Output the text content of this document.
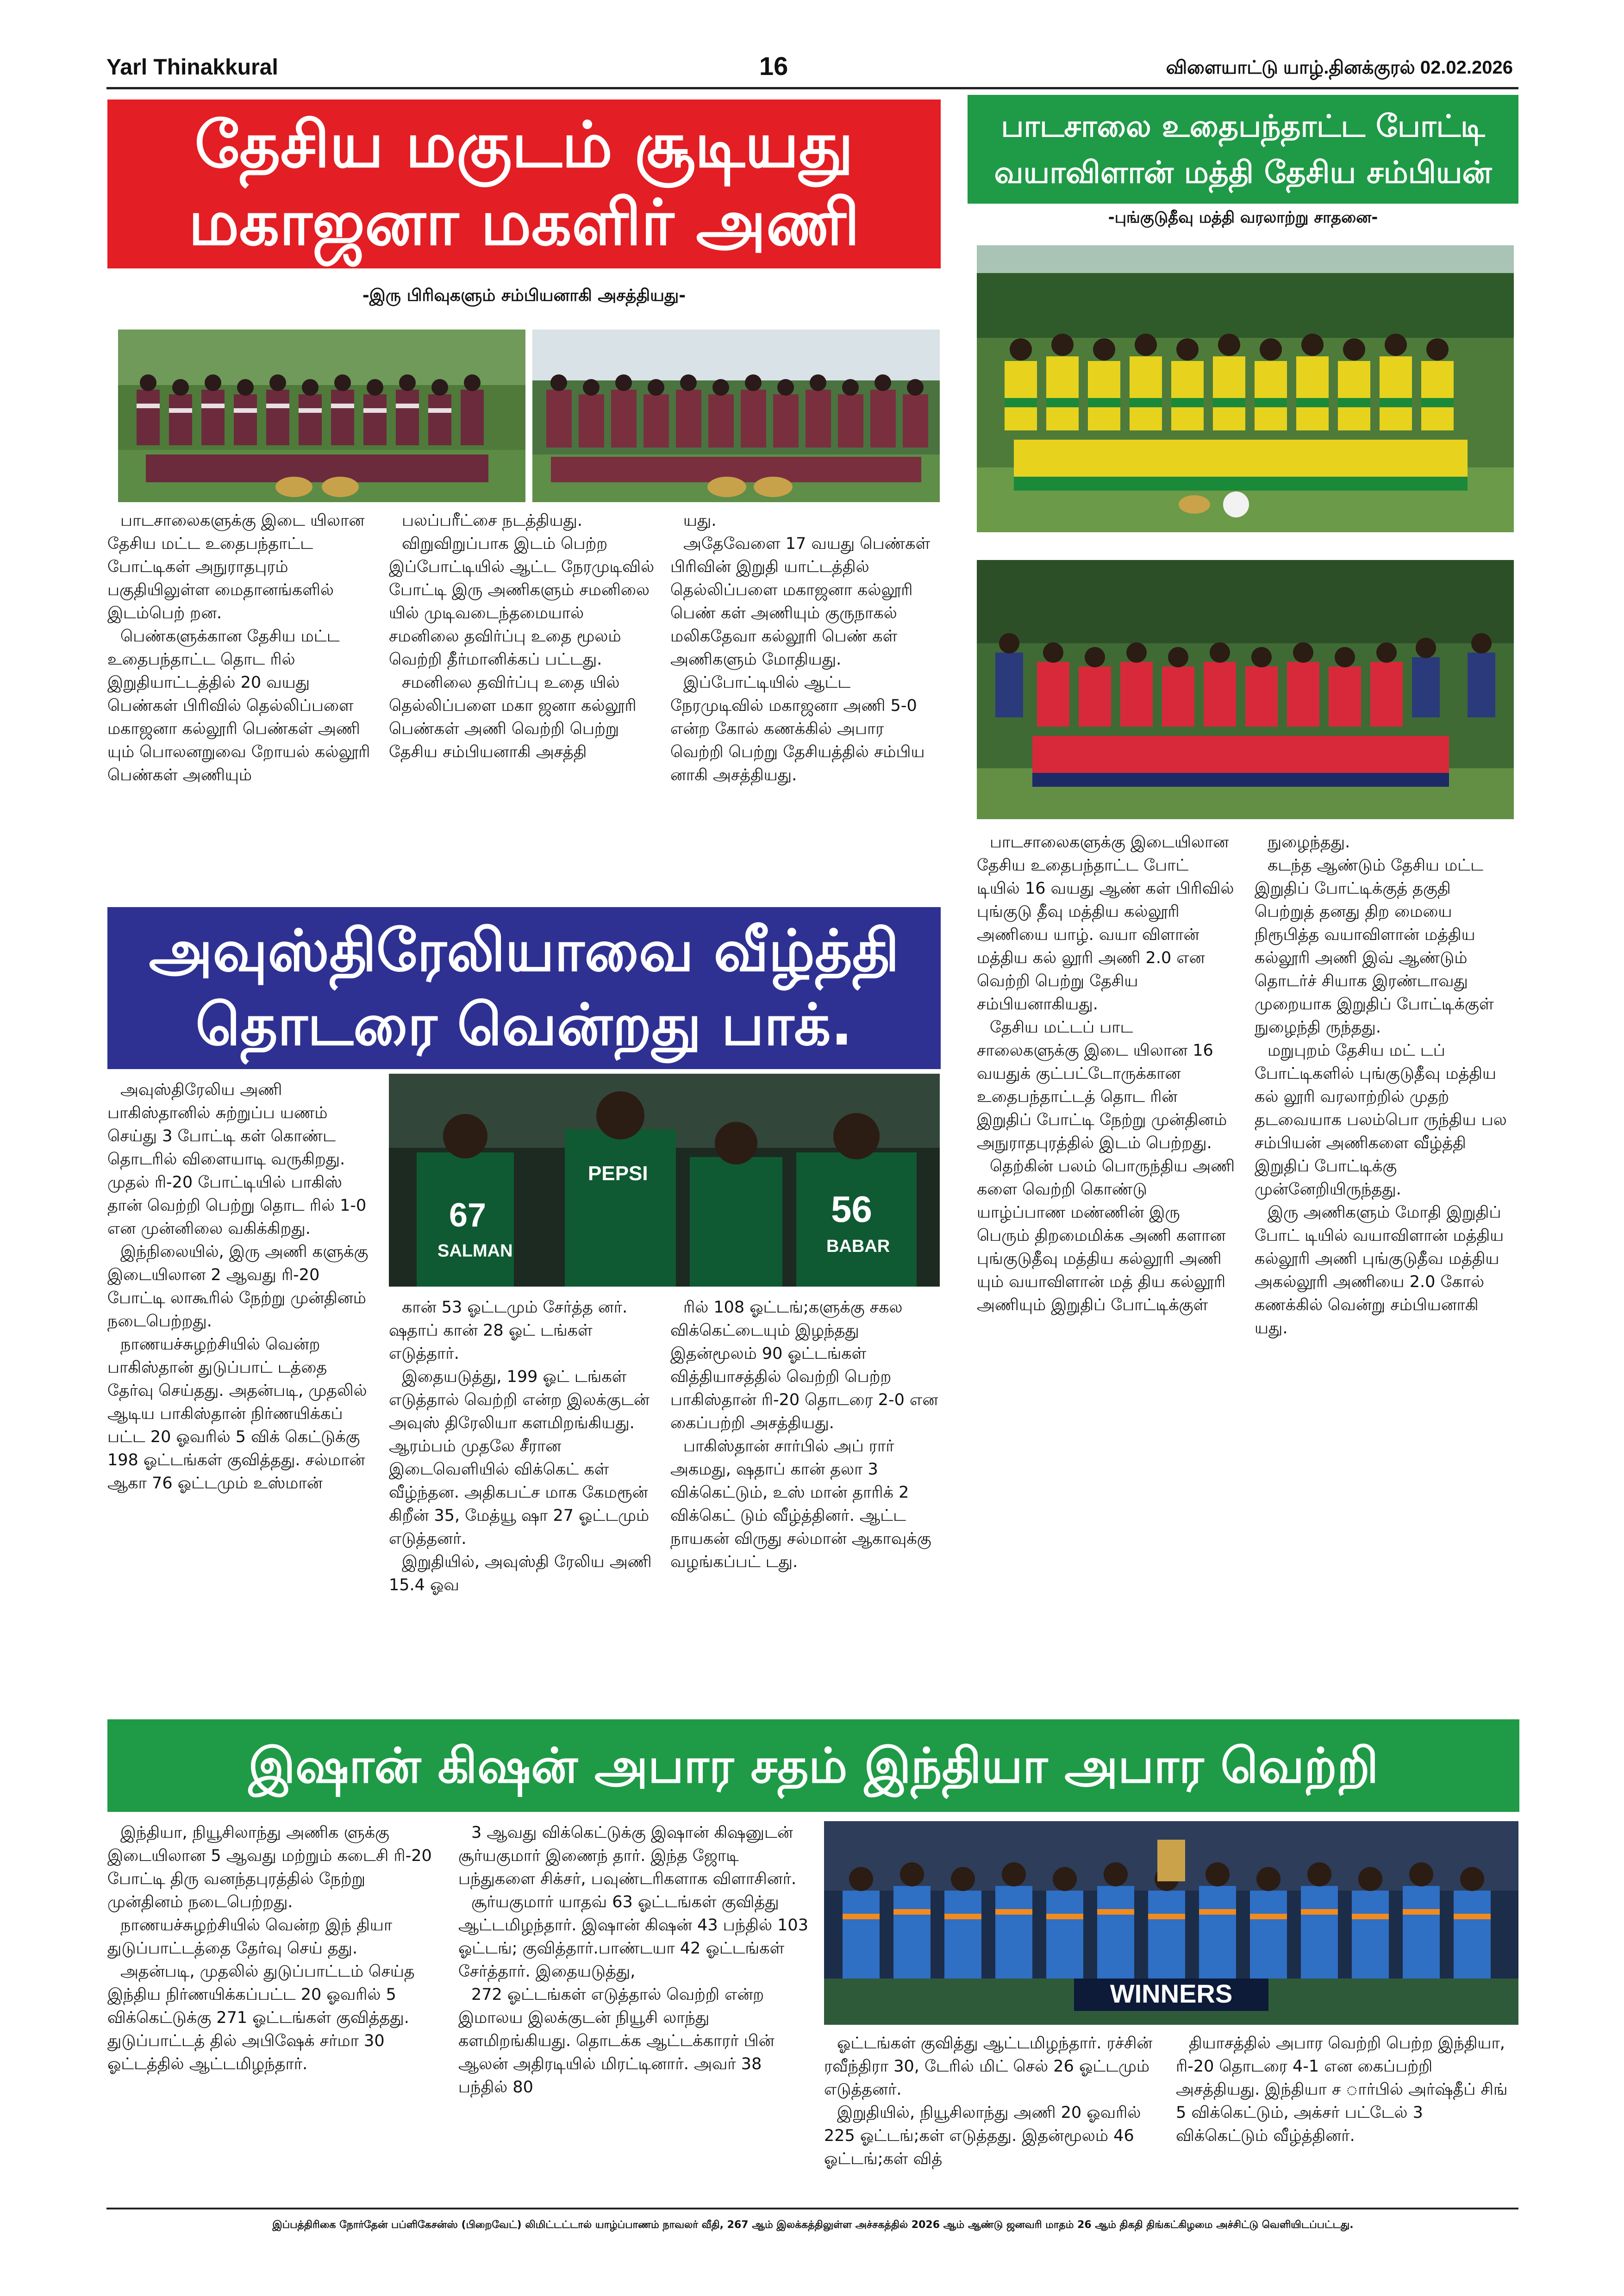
Yarl Thinakkural	16	விளையாட்டு யாழ்.தினக்குரல் 02.02.2026
தேசிய மகுடம் சூடியது
மகாஜனா மகளிர் அணி
-இரு பிரிவுகளும் சம்பியனாகி அசத்தியது-

பாடசாலைகளுக்கு இடை யிலான தேசிய மட்ட உதைபந்தாட்ட போட்டிகள் அநுராதபுரம் பகுதியிலுள்ள மைதானங்களில் இடம்பெற் றன.

பெண்களுக்கான தேசிய மட்ட உதைபந்தாட்ட தொட ரில் இறுதியாட்டத்தில் 20 வயது பெண்கள் பிரிவில் தெல்லிப்பளை மகாஜனா கல்லூரி பெண்கள் அணி யும் பொலனறுவை றோயல் கல்லூரி பெண்கள் அணியும்

பலப்பரீட்சை நடத்தியது.

விறுவிறுப்பாக இடம் பெற்ற இப்போட்டியில் ஆட்ட நேரமுடிவில் போட்டி இரு அணிகளும் சமனிலை யில் முடிவடைந்தமையால் சமனிலை தவிர்ப்பு உதை மூலம் வெற்றி தீர்மானிக்கப் பட்டது.

சமனிலை தவிர்ப்பு உதை யில் தெல்லிப்பளை மகா ஜனா கல்லூரி பெண்கள் அணி வெற்றி பெற்று தேசிய சம்பியனாகி அசத்தி

யது.

அதேவேளை 17 வயது பெண்கள் பிரிவின் இறுதி யாட்டத்தில் தெல்லிப்பளை மகாஜனா கல்லூரி பெண் கள் அணியும் குருநாகல் மலிகதேவா கல்லூரி பெண் கள் அணிகளும் மோதியது.

இப்போட்டியில் ஆட்ட நேரமுடிவில் மகாஜனா அணி 5-0 என்ற கோல் கணக்கில் அபார வெற்றி பெற்று தேசியத்தில் சம்பிய னாகி அசத்தியது.

பாடசாலை உதைபந்தாட்ட போட்டி
வயாவிளான் மத்தி தேசிய சம்பியன்
-புங்குடுதீவு மத்தி வரலாற்று சாதனை-

பாடசாலைகளுக்கு இடையிலான தேசிய உதைபந்தாட்ட போட் டியில் 16 வயது ஆண் கள் பிரிவில் புங்குடு தீவு மத்திய கல்லூரி அணியை யாழ். வயா விளான் மத்திய கல் லூரி அணி 2.0 என வெற்றி பெற்று தேசிய சம்பியனாகியது.

தேசிய மட்டப் பாட சாலைகளுக்கு இடை யிலான 16 வயதுக் குட்பட்டோருக்கான உதைபந்தாட்டத் தொட ரின் இறுதிப் போட்டி நேற்று முன்தினம் அநுராதபுரத்தில் இடம் பெற்றது.

தெற்கின் பலம் பொருந்திய அணி களை வெற்றி கொண்டு யாழ்ப்பாண மண்ணின் இரு பெரும் திறமைமிக்க அணி களான புங்குடுதீவு மத்திய கல்லூரி அணி யும் வயாவிளான் மத் திய கல்லூரி அணியும் இறுதிப் போட்டிக்குள்

நுழைந்தது.

கடந்த ஆண்டும் தேசிய மட்ட இறுதிப் போட்டிக்குத் தகுதி பெற்றுத் தனது திற மையை நிரூபித்த வயாவிளான் மத்திய கல்லூரி அணி இவ் ஆண்டும் தொடர்ச் சியாக இரண்டாவது முறையாக இறுதிப் போட்டிக்குள் நுழைந்தி ருந்தது.

மறுபுறம் தேசிய மட் டப் போட்டிகளில் புங்குடுதீவு மத்திய கல் லூரி வரலாற்றில் முதற் தடவையாக பலம்பொ ருந்திய பல சம்பியன் அணிகளை வீழ்த்தி இறுதிப் போட்டிக்கு முன்னேறியிருந்தது.

இரு அணிகளும் மோதி இறுதிப் போட் டியில் வயாவிளான் மத்திய கல்லூரி அணி புங்குடுதீவ மத்திய அகல்லூரி அணியை 2.0 கோல் கணக்கில் வென்று சம்பியனாகி யது.

அவுஸ்திரேலியாவை வீழ்த்தி
தொடரை வென்றது பாக்.
67
SALMAN
PEPSI
56
BABAR

அவுஸ்திரேலிய அணி பாகிஸ்தானில் சுற்றுப்ப யணம் செய்து 3 போட்டி கள் கொண்ட தொடரில் விளையாடி வருகிறது. முதல் ரி-20 போட்டியில் பாகிஸ் தான் வெற்றி பெற்று தொட ரில் 1-0 என முன்னிலை வகிக்கிறது.

இந்நிலையில், இரு அணி களுக்கு இடையிலான 2 ஆவது ரி-20 போட்டி லாகூரில் நேற்று முன்தினம் நடைபெற்றது.

நாணயச்சுழற்சியில் வென்ற பாகிஸ்தான் துடுப்பாட் டத்தை தேர்வு செய்தது. அதன்படி, முதலில் ஆடிய பாகிஸ்தான் நிர்ணயிக்கப் பட்ட 20 ஓவரில் 5 விக் கெட்டுக்கு 198 ஓட்டங்கள் குவித்தது. சல்மான் ஆகா 76 ஓட்டமும் உஸ்மான்

கான் 53 ஓட்டமும் சேர்த்த னர். ஷதாப் கான் 28 ஓட் டங்கள் எடுத்தார்.

இதையடுத்து, 199 ஓட் டங்கள் எடுத்தால் வெற்றி என்ற இலக்குடன் அவுஸ் திரேலியா களமிறங்கியது. ஆரம்பம் முதலே சீரான இடைவெளியில் விக்கெட் கள் வீழ்ந்தன. அதிகபட்ச மாக கேமரூன் கிறீன் 35, மேத்யூ ஷா 27 ஓட்டமும் எடுத்தனர்.

இறுதியில், அவுஸ்தி ரேலிய அணி 15.4 ஓவ

ரில் 108 ஓட்டங்;களுக்கு சகல விக்கெட்டையும் இழந்தது இதன்மூலம் 90 ஓட்டங்கள் வித்தியாசத்தில் வெற்றி பெற்ற பாகிஸ்தான் ரி-20 தொடரை 2-0 என கைப்பற்றி அசத்தியது.

பாகிஸ்தான் சார்பில் அப் ரார் அகமது, ஷதாப் கான் தலா 3 விக்கெட்டும், உஸ் மான் தாரிக் 2 விக்கெட் டும் வீழ்த்தினர். ஆட்ட நாயகன் விருது சல்மான் ஆகாவுக்கு வழங்கப்பட் டது.

இஷான் கிஷன் அபார சதம் இந்தியா அபார வெற்றி
WINNERS

இந்தியா, நியூசிலாந்து அணிக ளுக்கு இடையிலான 5 ஆவது மற்றும் கடைசி ரி-20 போட்டி திரு வனந்தபுரத்தில் நேற்று முன்தினம் நடைபெற்றது.

நாணயச்சுழற்சியில் வென்ற இந் தியா துடுப்பாட்டத்தை தேர்வு செய் தது.

அதன்படி, முதலில் துடுப்பாட்டம் செய்த இந்திய நிர்ணயிக்கப்பட்ட 20 ஓவரில் 5 விக்கெட்டுக்கு 271 ஓட்டங்கள் குவித்தது. துடுப்பாட்டத் தில் அபிஷேக் சர்மா 30 ஓட்டத்தில் ஆட்டமிழந்தார்.

3 ஆவது விக்கெட்டுக்கு இஷான் கிஷனுடன் சூர்யகுமார் இணைந் தார். இந்த ஜோடி பந்துகளை சிக்சர், பவுண்டரிகளாக விளாசினர்.

சூர்யகுமார் யாதவ் 63 ஓட்டங்கள் குவித்து ஆட்டமிழந்தார். இஷான் கிஷன் 43 பந்தில் 103 ஓட்டங்; குவித்தார்.பாண்டயா 42 ஓட்டங்கள் சேர்த்தார். இதையடுத்து,

272 ஓட்டங்கள் எடுத்தால் வெற்றி என்ற இமாலய இலக்குடன் நியூசி லாந்து களமிறங்கியது. தொடக்க ஆட்டக்காரர் பின் ஆலன் அதிரடியில் மிரட்டினார். அவர் 38 பந்தில் 80

ஓட்டங்கள் குவித்து ஆட்டமிழந்தார். ரச்சின் ரவீந்திரா 30, டேரில் மிட் செல் 26 ஓட்டமும் எடுத்தனர்.

இறுதியில், நியூசிலாந்து அணி 20 ஓவரில் 225 ஓட்டங்;கள் எடுத்தது. இதன்மூலம் 46 ஓட்டங்;கள் வித்

தியாசத்தில் அபார வெற்றி பெற்ற இந்தியா, ரி-20 தொடரை 4-1 என கைப்பற்றி அசத்தியது. இந்தியா ச ார்பில் அர்ஷ்தீப் சிங் 5 விக்கெட்டும், அக்சர் பட்டேல் 3 விக்கெட்டும் வீழ்த்தினர்.

இப்பத்திரிகை நோர்தேன் பப்ளிகேசன்ஸ் (பிறைவேட்) லிமிட்டட்டால் யாழ்ப்பாணம் நாவலர் வீதி, 267 ஆம் இலக்கத்திலுள்ள அச்சகத்தில் 2026 ஆம் ஆண்டு ஜனவரி மாதம் 26 ஆம் திகதி திங்கட்கிழமை அச்சிட்டு வெளியிடப்பட்டது.
